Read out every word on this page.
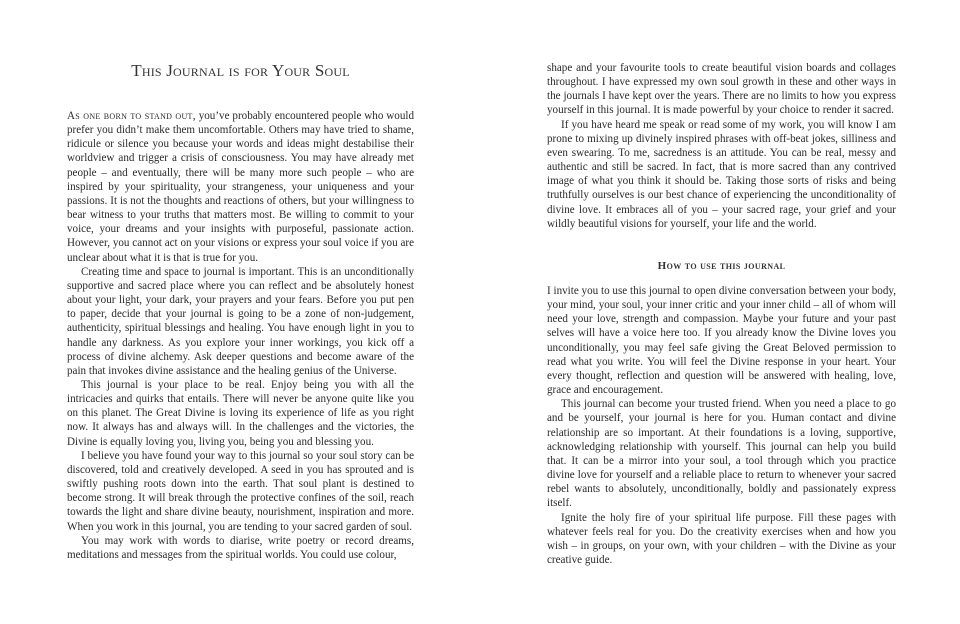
This Journal is for Your Soul

As one born to stand out, you’ve probably encountered people who would prefer you didn’t make them uncomfortable. Others may have tried to shame, ridicule or silence you because your words and ideas might destabilise their worldview and trigger a crisis of consciousness. You may have already met people – and eventually, there will be many more such people – who are inspired by your spirituality, your strangeness, your uniqueness and your passions. It is not the thoughts and reactions of others, but your willingness to bear witness to your truths that matters most. Be willing to commit to your voice, your dreams and your insights with purposeful, passionate action. However, you cannot act on your visions or express your soul voice if you are unclear about what it is that is true for you.

Creating time and space to journal is important. This is an unconditionally supportive and sacred place where you can reflect and be absolutely honest about your light, your dark, your prayers and your fears. Before you put pen to paper, decide that your journal is going to be a zone of non-judgement, authenticity, spiritual blessings and healing. You have enough light in you to handle any darkness. As you explore your inner workings, you kick off a process of divine alchemy. Ask deeper questions and become aware of the pain that invokes divine assistance and the healing genius of the Universe.

This journal is your place to be real. Enjoy being you with all the intricacies and quirks that entails. There will never be anyone quite like you on this planet. The Great Divine is loving its experience of life as you right now. It always has and always will. In the challenges and the victories, the Divine is equally loving you, living you, being you and blessing you.

I believe you have found your way to this journal so your soul story can be discovered, told and creatively developed. A seed in you has sprouted and is swiftly pushing roots down into the earth. That soul plant is destined to become strong. It will break through the protective confines of the soil, reach towards the light and share divine beauty, nourishment, inspiration and more. When you work in this journal, you are tending to your sacred garden of soul.

You may work with words to diarise, write poetry or record dreams, meditations and messages from the spiritual worlds. You could use colour,

shape and your favourite tools to create beautiful vision boards and collages throughout. I have expressed my own soul growth in these and other ways in the journals I have kept over the years. There are no limits to how you express yourself in this journal. It is made powerful by your choice to render it sacred.

If you have heard me speak or read some of my work, you will know I am prone to mixing up divinely inspired phrases with off-beat jokes, silliness and even swearing. To me, sacredness is an attitude. You can be real, messy and authentic and still be sacred. In fact, that is more sacred than any contrived image of what you think it should be. Taking those sorts of risks and being truthfully ourselves is our best chance of experiencing the unconditionality of divine love. It embraces all of you – your sacred rage, your grief and your wildly beautiful visions for yourself, your life and the world.

How to use this journal

I invite you to use this journal to open divine conversation between your body, your mind, your soul, your inner critic and your inner child – all of whom will need your love, strength and compassion. Maybe your future and your past selves will have a voice here too. If you already know the Divine loves you unconditionally, you may feel safe giving the Great Beloved permission to read what you write. You will feel the Divine response in your heart. Your every thought, reflection and question will be answered with healing, love, grace and encouragement.

This journal can become your trusted friend. When you need a place to go and be yourself, your journal is here for you. Human contact and divine relationship are so important. At their foundations is a loving, supportive, acknowledging relationship with yourself. This journal can help you build that. It can be a mirror into your soul, a tool through which you practice divine love for yourself and a reliable place to return to whenever your sacred rebel wants to absolutely, unconditionally, boldly and passionately express itself.

Ignite the holy fire of your spiritual life purpose. Fill these pages with whatever feels real for you. Do the creativity exercises when and how you wish – in groups, on your own, with your children – with the Divine as your creative guide.
